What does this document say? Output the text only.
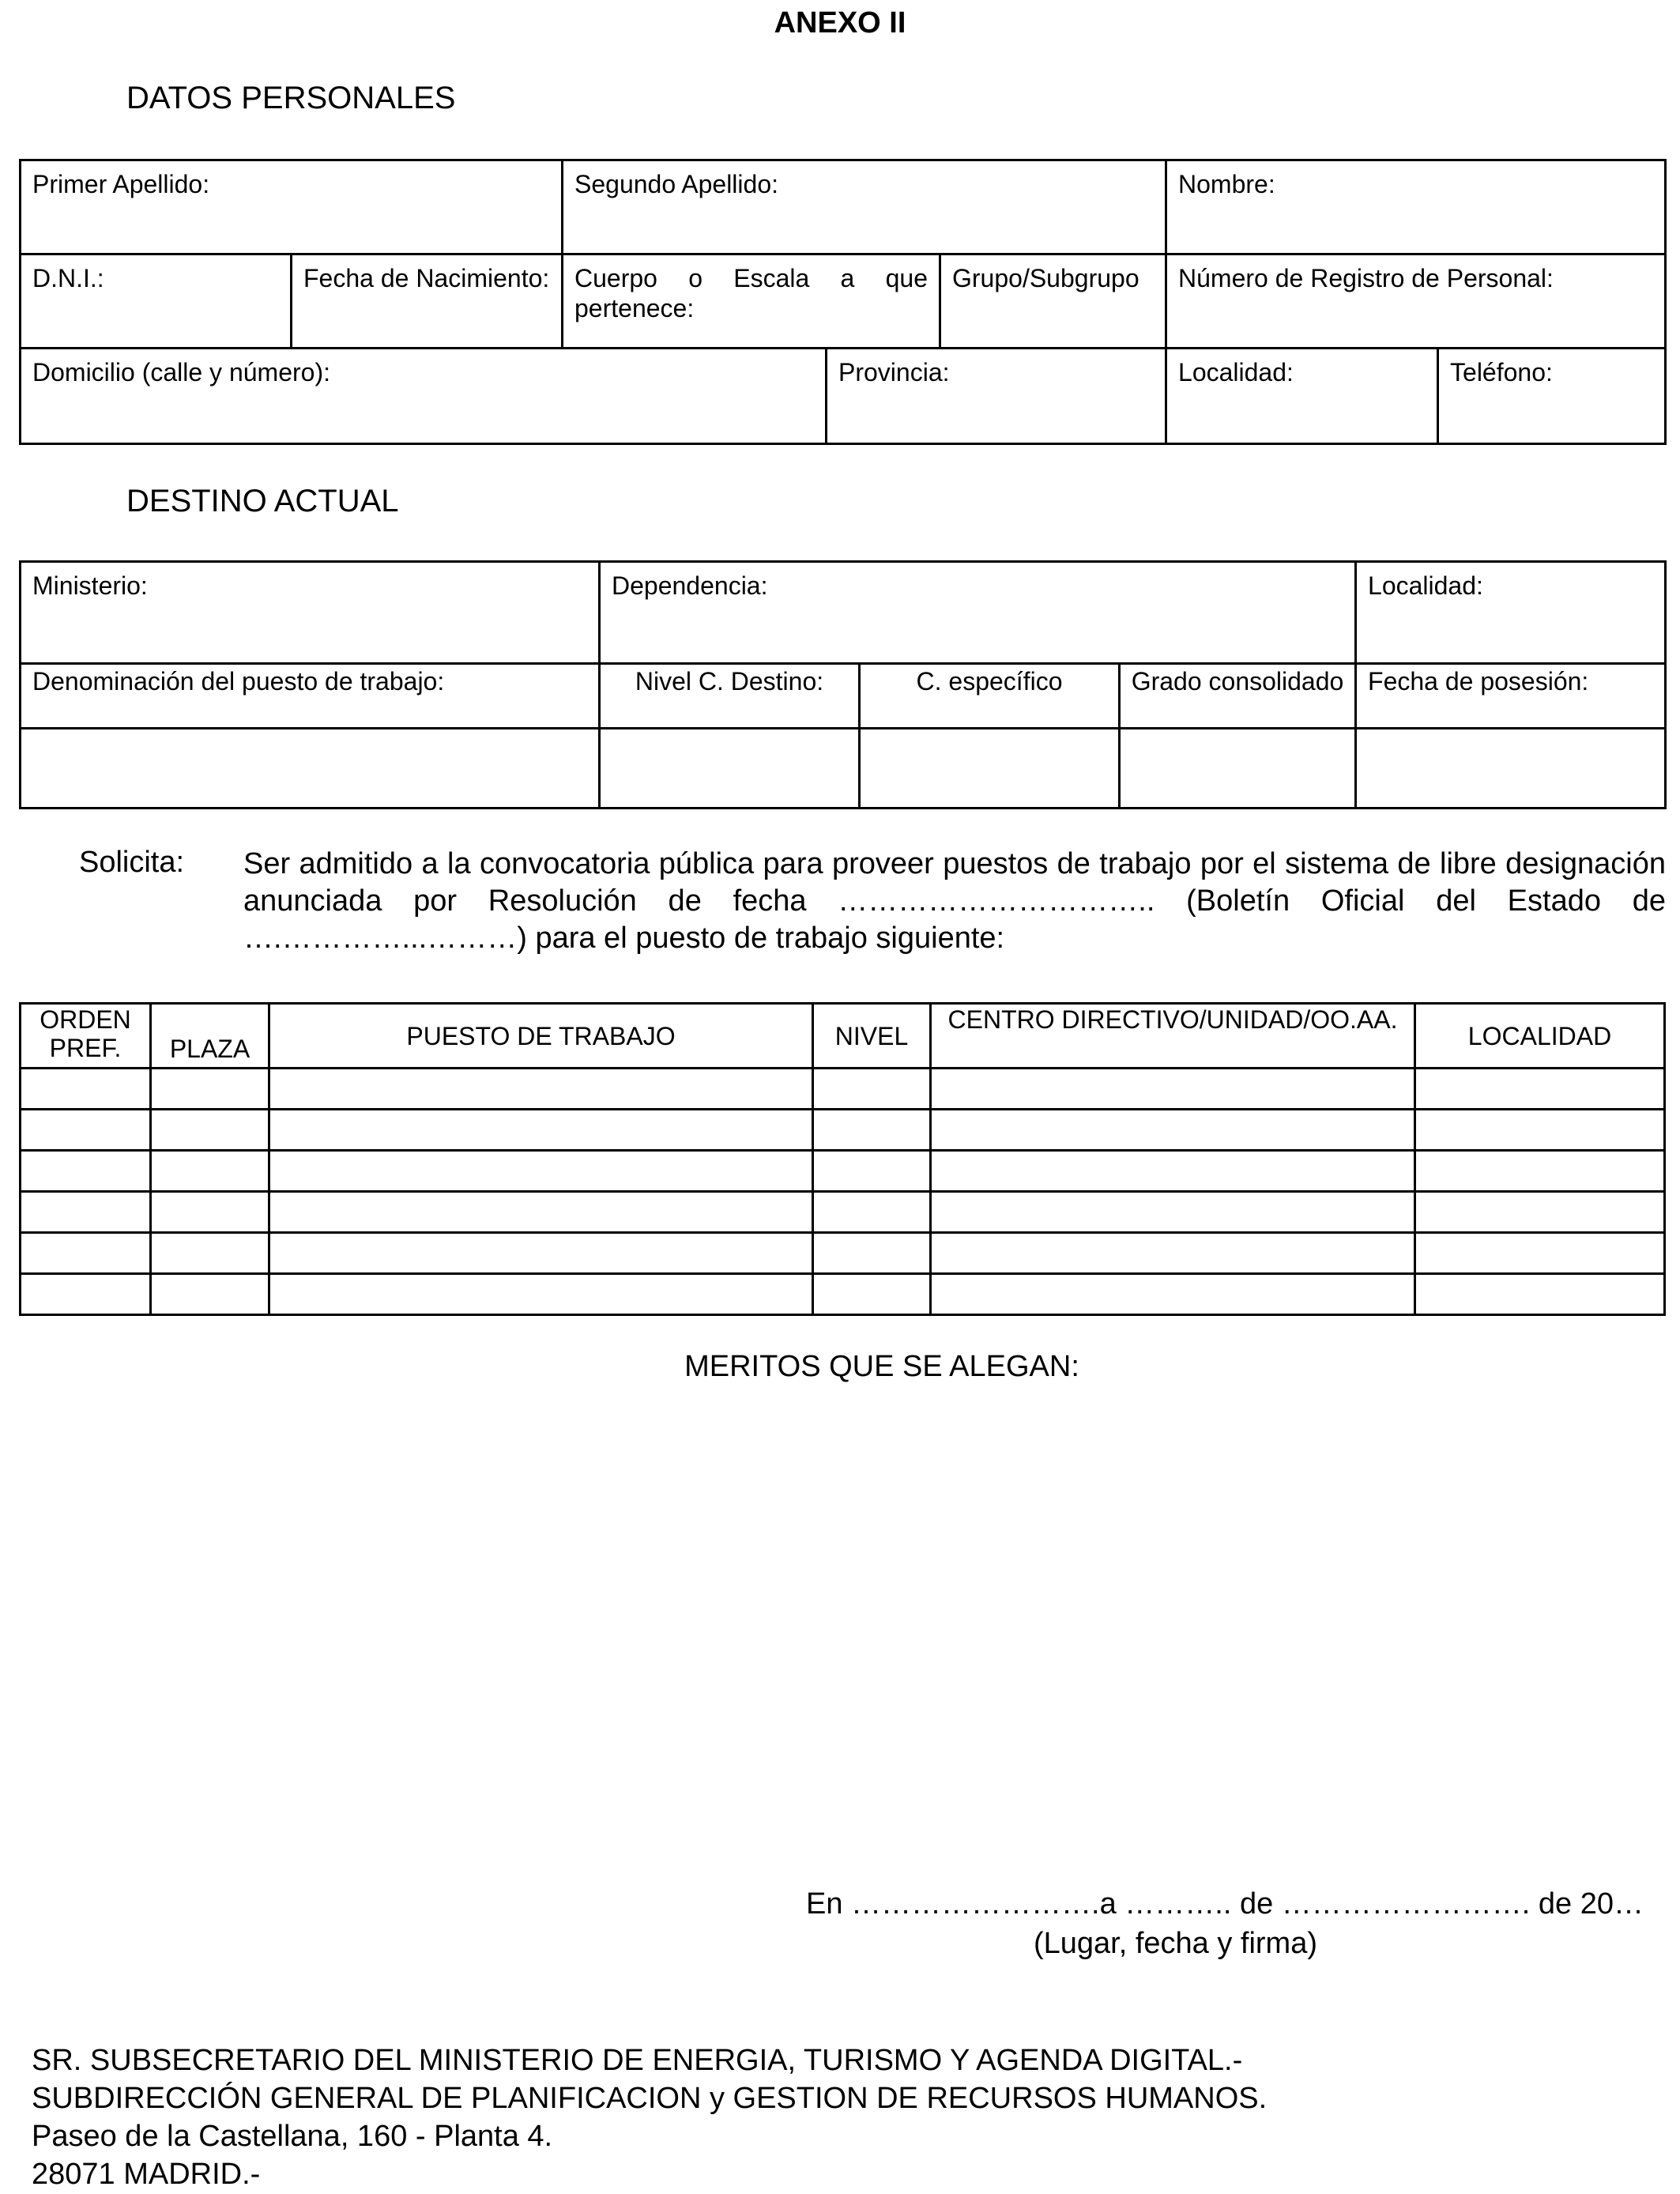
ANEXO II
DATOS PERSONALES
Primer Apellido:		Segundo Apellido:			Nombre:	
D.N.I.:	Fecha de Nacimiento:	Cuerpo o Escala a que pertenece:		Grupo/Subgrupo	Número de Registro de Personal:	
Domicilio (calle y número):			Provincia:		Localidad:	Teléfono:
DESTINO ACTUAL
Ministerio:	Dependencia:			Localidad:
Denominación del puesto de trabajo:	Nivel C. Destino:	C. específico	Grado consolidado	Fecha de posesión:

Solicita: Ser admitido a la convocatoria pública para proveer puestos de trabajo por el sistema de libre designación anunciada por Resolución de fecha ………………………….. (Boletín Oficial del Estado de ….…………...………) para el puesto de trabajo siguiente:
ORDEN PREF.	PLAZA	PUESTO DE TRABAJO	NIVEL	CENTRO DIRECTIVO/UNIDAD/OO.AA.	LOCALIDAD

MERITOS QUE SE ALEGAN:
En …………………….a ……….. de ……………………. de 20…
(Lugar, fecha y firma)
SR. SUBSECRETARIO DEL MINISTERIO DE ENERGIA, TURISMO Y AGENDA DIGITAL.-
SUBDIRECCIÓN GENERAL DE PLANIFICACION y GESTION DE RECURSOS HUMANOS.
Paseo de la Castellana, 160 - Planta 4.
28071 MADRID.-
